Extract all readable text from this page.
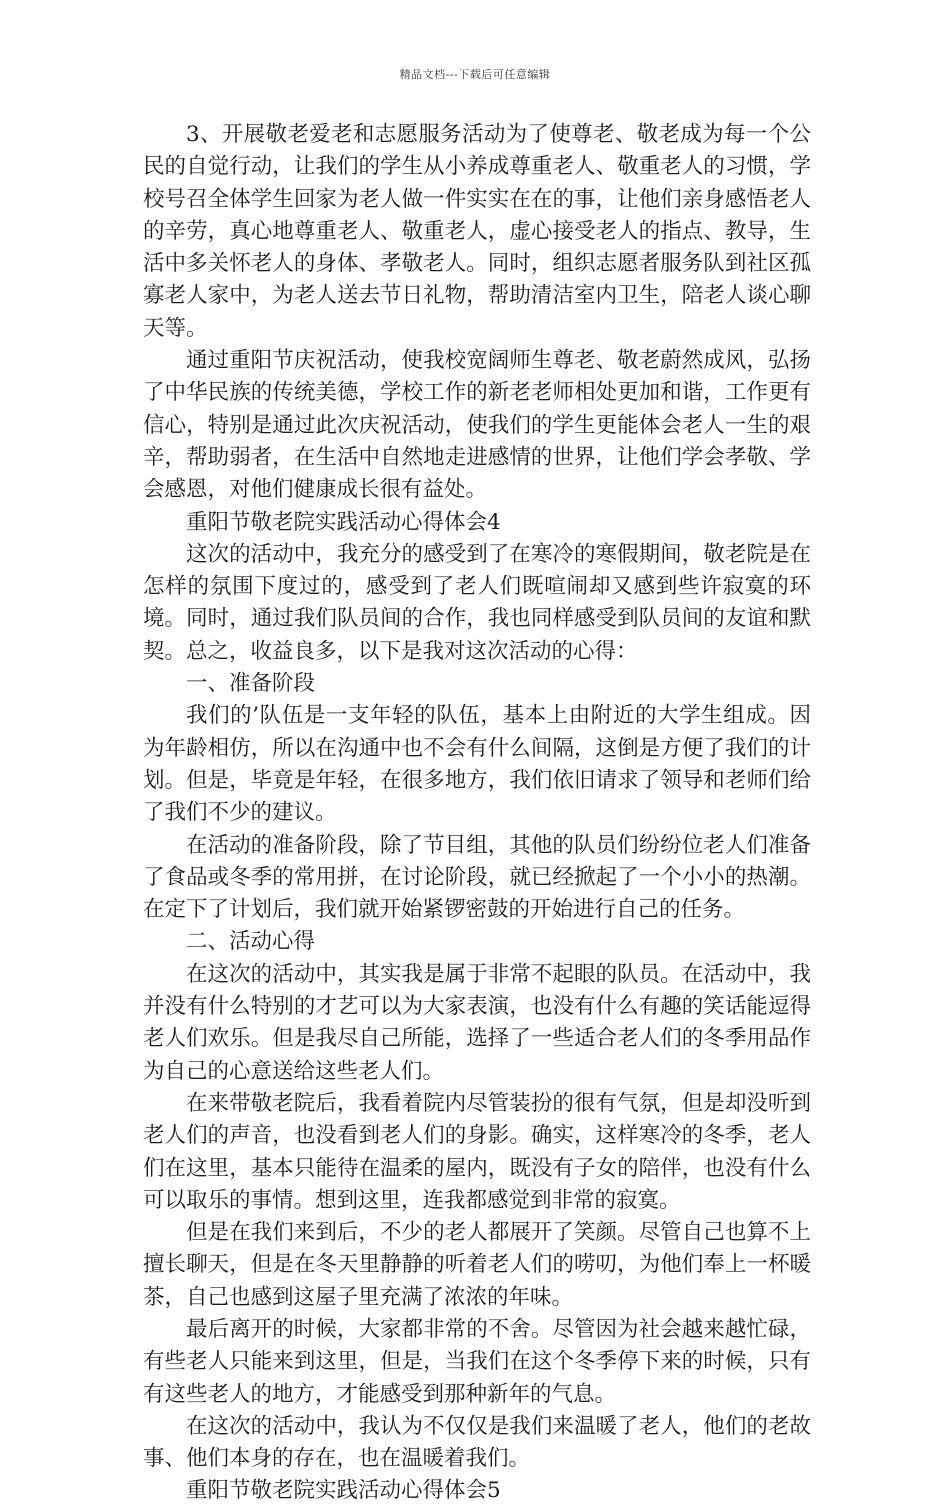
精品文档---下载后可任意编辑

3、开展敬老爱老和志愿服务活动为了使尊老、敬老成为每一个公民的自觉行动，让我们的学生从小养成尊重老人、敬重老人的习惯，学校号召全体学生回家为老人做一件实实在在的事，让他们亲身感悟老人的辛劳，真心地尊重老人、敬重老人，虚心接受老人的指点、教导，生活中多关怀老人的身体、孝敬老人。同时，组织志愿者服务队到社区孤寡老人家中，为老人送去节日礼物，帮助清洁室内卫生，陪老人谈心聊天等。

通过重阳节庆祝活动，使我校宽阔师生尊老、敬老蔚然成风，弘扬了中华民族的传统美德，学校工作的新老老师相处更加和谐，工作更有信心，特别是通过此次庆祝活动，使我们的学生更能体会老人一生的艰辛，帮助弱者，在生活中自然地走进感情的世界，让他们学会孝敬、学会感恩，对他们健康成长很有益处。

重阳节敬老院实践活动心得体会4

这次的活动中，我充分的感受到了在寒冷的寒假期间，敬老院是在怎样的氛围下度过的，感受到了老人们既喧闹却又感到些许寂寞的环境。同时，通过我们队员间的合作，我也同样感受到队员间的友谊和默契。总之，收益良多，以下是我对这次活动的心得：

一、准备阶段

我们的’队伍是一支年轻的队伍，基本上由附近的大学生组成。因为年龄相仿，所以在沟通中也不会有什么间隔，这倒是方便了我们的计划。但是，毕竟是年轻，在很多地方，我们依旧请求了领导和老师们给了我们不少的建议。

在活动的准备阶段，除了节目组，其他的队员们纷纷位老人们准备了食品或冬季的常用拼，在讨论阶段，就已经掀起了一个小小的热潮。在定下了计划后，我们就开始紧锣密鼓的开始进行自己的任务。

二、活动心得

在这次的活动中，其实我是属于非常不起眼的队员。在活动中，我并没有什么特别的才艺可以为大家表演，也没有什么有趣的笑话能逗得老人们欢乐。但是我尽自己所能，选择了一些适合老人们的冬季用品作为自己的心意送给这些老人们。

在来带敬老院后，我看着院内尽管装扮的很有气氛，但是却没听到老人们的声音，也没看到老人们的身影。确实，这样寒冷的冬季，老人们在这里，基本只能待在温柔的屋内，既没有子女的陪伴，也没有什么可以取乐的事情。想到这里，连我都感觉到非常的寂寞。

但是在我们来到后，不少的老人都展开了笑颜。尽管自己也算不上擅长聊天，但是在冬天里静静的听着老人们的唠叨，为他们奉上一杯暖茶，自己也感到这屋子里充满了浓浓的年味。

最后离开的时候，大家都非常的不舍。尽管因为社会越来越忙碌，有些老人只能来到这里，但是，当我们在这个冬季停下来的时候，只有有这些老人的地方，才能感受到那种新年的气息。

在这次的活动中，我认为不仅仅是我们来温暖了老人，他们的老故事、他们本身的存在，也在温暖着我们。

重阳节敬老院实践活动心得体会5
